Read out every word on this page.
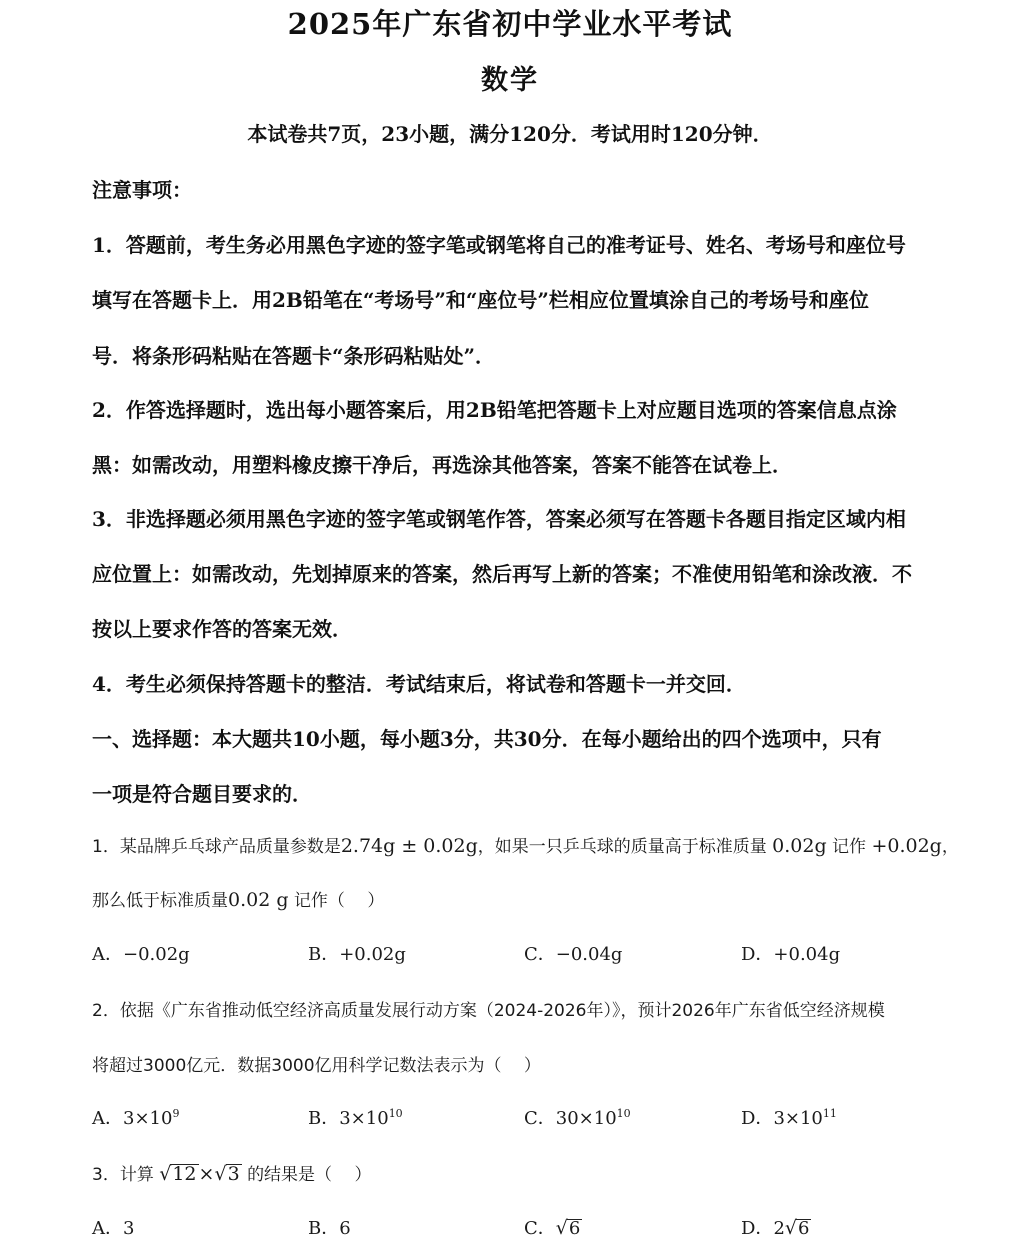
2025年广东省初中学业水平考试
数学
本试卷共7页，23小题，满分120分．考试用时120分钟．
注意事项：
1．答题前，考生务必用黑色字迹的签字笔或钢笔将自己的准考证号、姓名、考场号和座位号
填写在答题卡上．用2B铅笔在“考场号”和“座位号”栏相应位置填涂自己的考场号和座位
号．将条形码粘贴在答题卡“条形码粘贴处”．
2．作答选择题时，选出每小题答案后，用2B铅笔把答题卡上对应题目选项的答案信息点涂
黑：如需改动，用塑料橡皮擦干净后，再选涂其他答案，答案不能答在试卷上．
3．非选择题必须用黑色字迹的签字笔或钢笔作答，答案必须写在答题卡各题目指定区域内相
应位置上：如需改动，先划掉原来的答案，然后再写上新的答案；不准使用铅笔和涂改液．不
按以上要求作答的答案无效．
4．考生必须保持答题卡的整洁．考试结束后，将试卷和答题卡一并交回．
一、选择题：本大题共10小题，每小题3分，共30分．在每小题给出的四个选项中，只有
一项是符合题目要求的．
1．某品牌乒乓球产品质量参数是2.74g ± 0.02g，如果一只乒乓球的质量高于标准质量 0.02g 记作 +0.02g，
那么低于标准质量0.02 g 记作（　 ）
A．−0.02g	B．+0.02g	C．−0.04g	D．+0.04g
2．依据《广东省推动低空经济高质量发展行动方案（2024-2026年）》，预计2026年广东省低空经济规模
将超过3000亿元．数据3000亿用科学记数法表示为（　 ）
A．$3\times 10^9$	B．$3\times 10^{10}$	C．$30\times 10^{10}$	D．$3\times 10^{11}$
3．计算 √12 ×√3 的结果是（　 ）
A．3	B．6	C．√6	D．2√6
